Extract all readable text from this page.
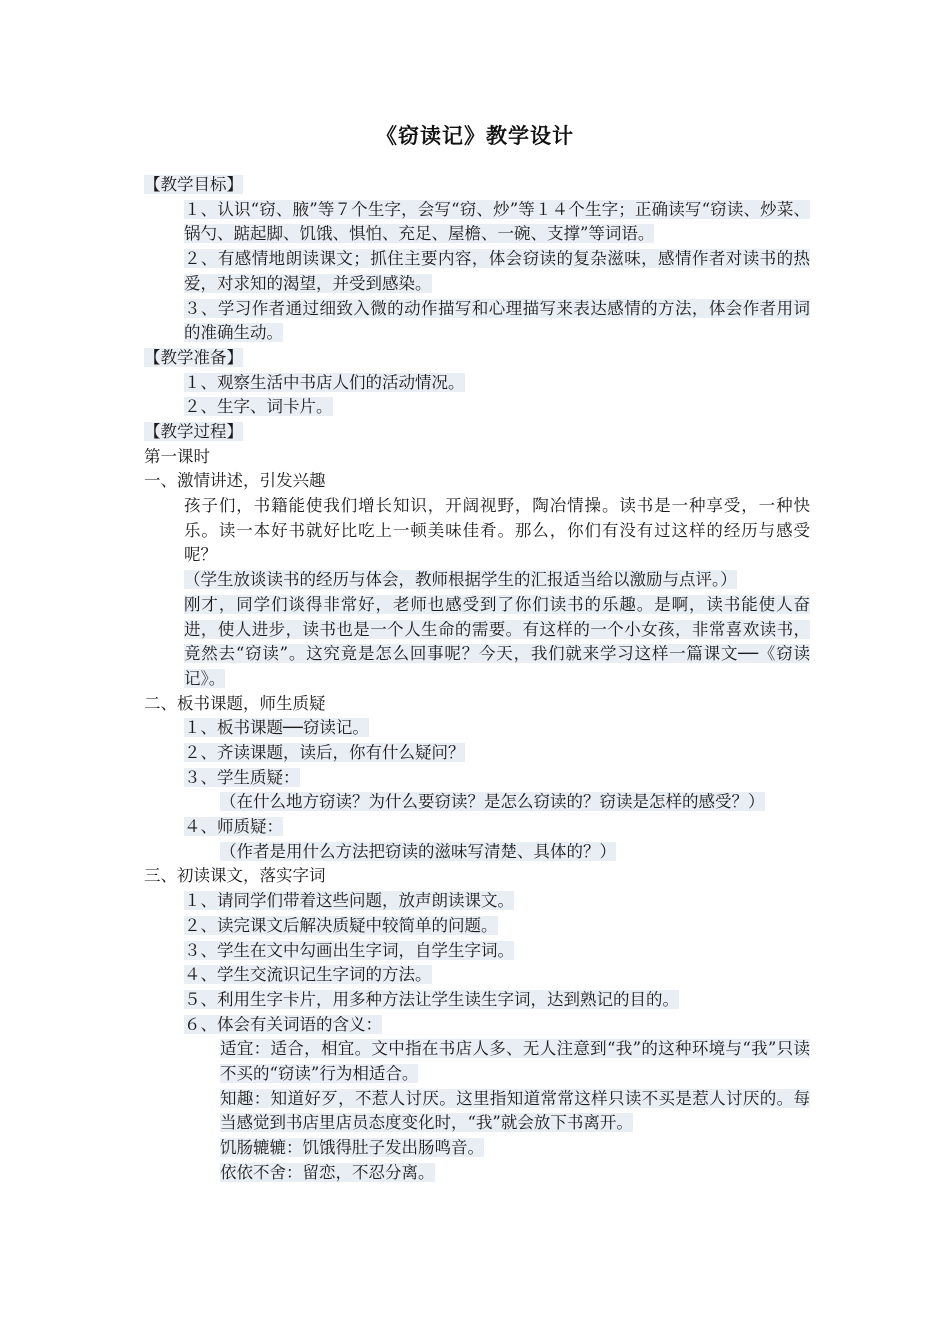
《窃读记》教学设计
【教学目标】
１、认识“窃、腋”等７个生字，会写“窃、炒”等１４个生字；正确读写“窃读、炒菜、锅勺、踮起脚、饥饿、惧怕、充足、屋檐、一碗、支撑”等词语。
２、有感情地朗读课文；抓住主要内容，体会窃读的复杂滋味，感情作者对读书的热爱，对求知的渴望，并受到感染。
３、学习作者通过细致入微的动作描写和心理描写来表达感情的方法，体会作者用词的准确生动。
【教学准备】
１、观察生活中书店人们的活动情况。
２、生字、词卡片。
【教学过程】
第一课时
一、激情讲述，引发兴趣
孩子们，书籍能使我们增长知识，开阔视野，陶冶情操。读书是一种享受，一种快乐。读一本好书就好比吃上一顿美味佳肴。那么，你们有没有过这样的经历与感受呢？
（学生放谈读书的经历与体会，教师根据学生的汇报适当给以激励与点评。）
刚才，同学们谈得非常好，老师也感受到了你们读书的乐趣。是啊，读书能使人奋进，使人进步，读书也是一个人生命的需要。有这样的一个小女孩，非常喜欢读书，竟然去“窃读”。这究竟是怎么回事呢？今天，我们就来学习这样一篇课文──《窃读记》。
二、板书课题，师生质疑
１、板书课题──窃读记。
２、齐读课题，读后，你有什么疑问？
３、学生质疑：
（在什么地方窃读？为什么要窃读？是怎么窃读的？窃读是怎样的感受？）
４、师质疑：
（作者是用什么方法把窃读的滋味写清楚、具体的？）
三、初读课文，落实字词
１、请同学们带着这些问题，放声朗读课文。
２、读完课文后解决质疑中较简单的问题。
３、学生在文中勾画出生字词，自学生字词。
４、学生交流识记生字词的方法。
５、利用生字卡片，用多种方法让学生读生字词，达到熟记的目的。
６、体会有关词语的含义：
适宜：适合，相宜。文中指在书店人多、无人注意到“我”的这种环境与“我”只读不买的“窃读”行为相适合。
知趣：知道好歹，不惹人讨厌。这里指知道常常这样只读不买是惹人讨厌的。每当感觉到书店里店员态度变化时，“我”就会放下书离开。
饥肠辘辘：饥饿得肚子发出肠鸣音。
依依不舍：留恋，不忍分离。
